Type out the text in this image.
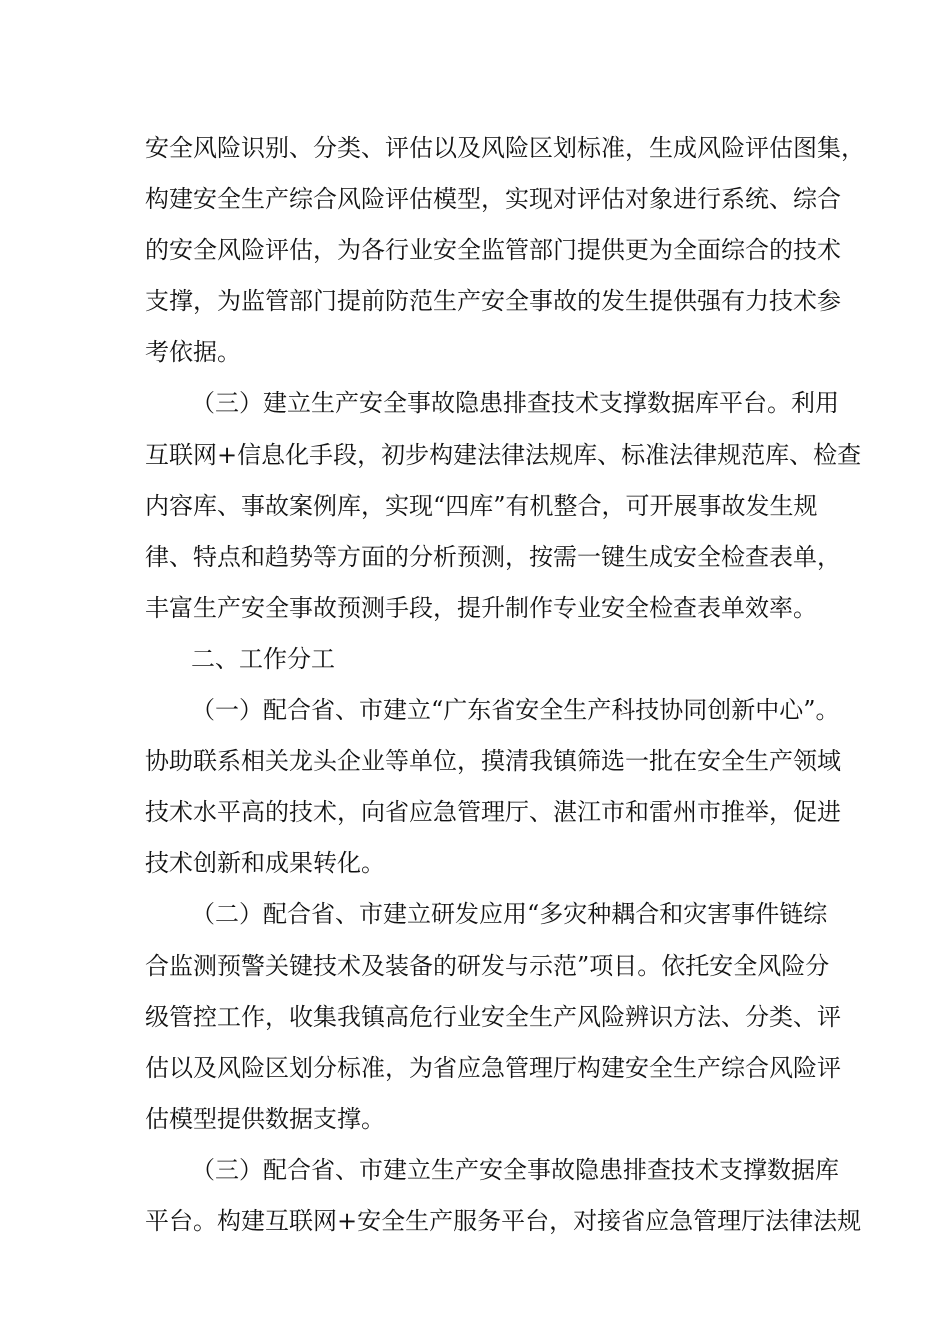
安全风险识别、分类、评估以及风险区划标准，生成风险评估图集，
构建安全生产综合风险评估模型，实现对评估对象进行系统、综合
的安全风险评估，为各行业安全监管部门提供更为全面综合的技术
支撑，为监管部门提前防范生产安全事故的发生提供强有力技术参
考依据。
（三）建立生产安全事故隐患排查技术支撑数据库平台。利用
互联网+信息化手段，初步构建法律法规库、标准法律规范库、检查
内容库、事故案例库，实现“四库”有机整合，可开展事故发生规
律、特点和趋势等方面的分析预测，按需一键生成安全检查表单，
丰富生产安全事故预测手段，提升制作专业安全检查表单效率。
二、工作分工
（一）配合省、市建立“广东省安全生产科技协同创新中心”。
协助联系相关龙头企业等单位，摸清我镇筛选一批在安全生产领域
技术水平高的技术，向省应急管理厅、湛江市和雷州市推举，促进
技术创新和成果转化。
（二）配合省、市建立研发应用“多灾种耦合和灾害事件链综
合监测预警关键技术及装备的研发与示范”项目。依托安全风险分
级管控工作，收集我镇高危行业安全生产风险辨识方法、分类、评
估以及风险区划分标准，为省应急管理厅构建安全生产综合风险评
估模型提供数据支撑。
（三）配合省、市建立生产安全事故隐患排查技术支撑数据库
平台。构建互联网+安全生产服务平台，对接省应急管理厅法律法规
